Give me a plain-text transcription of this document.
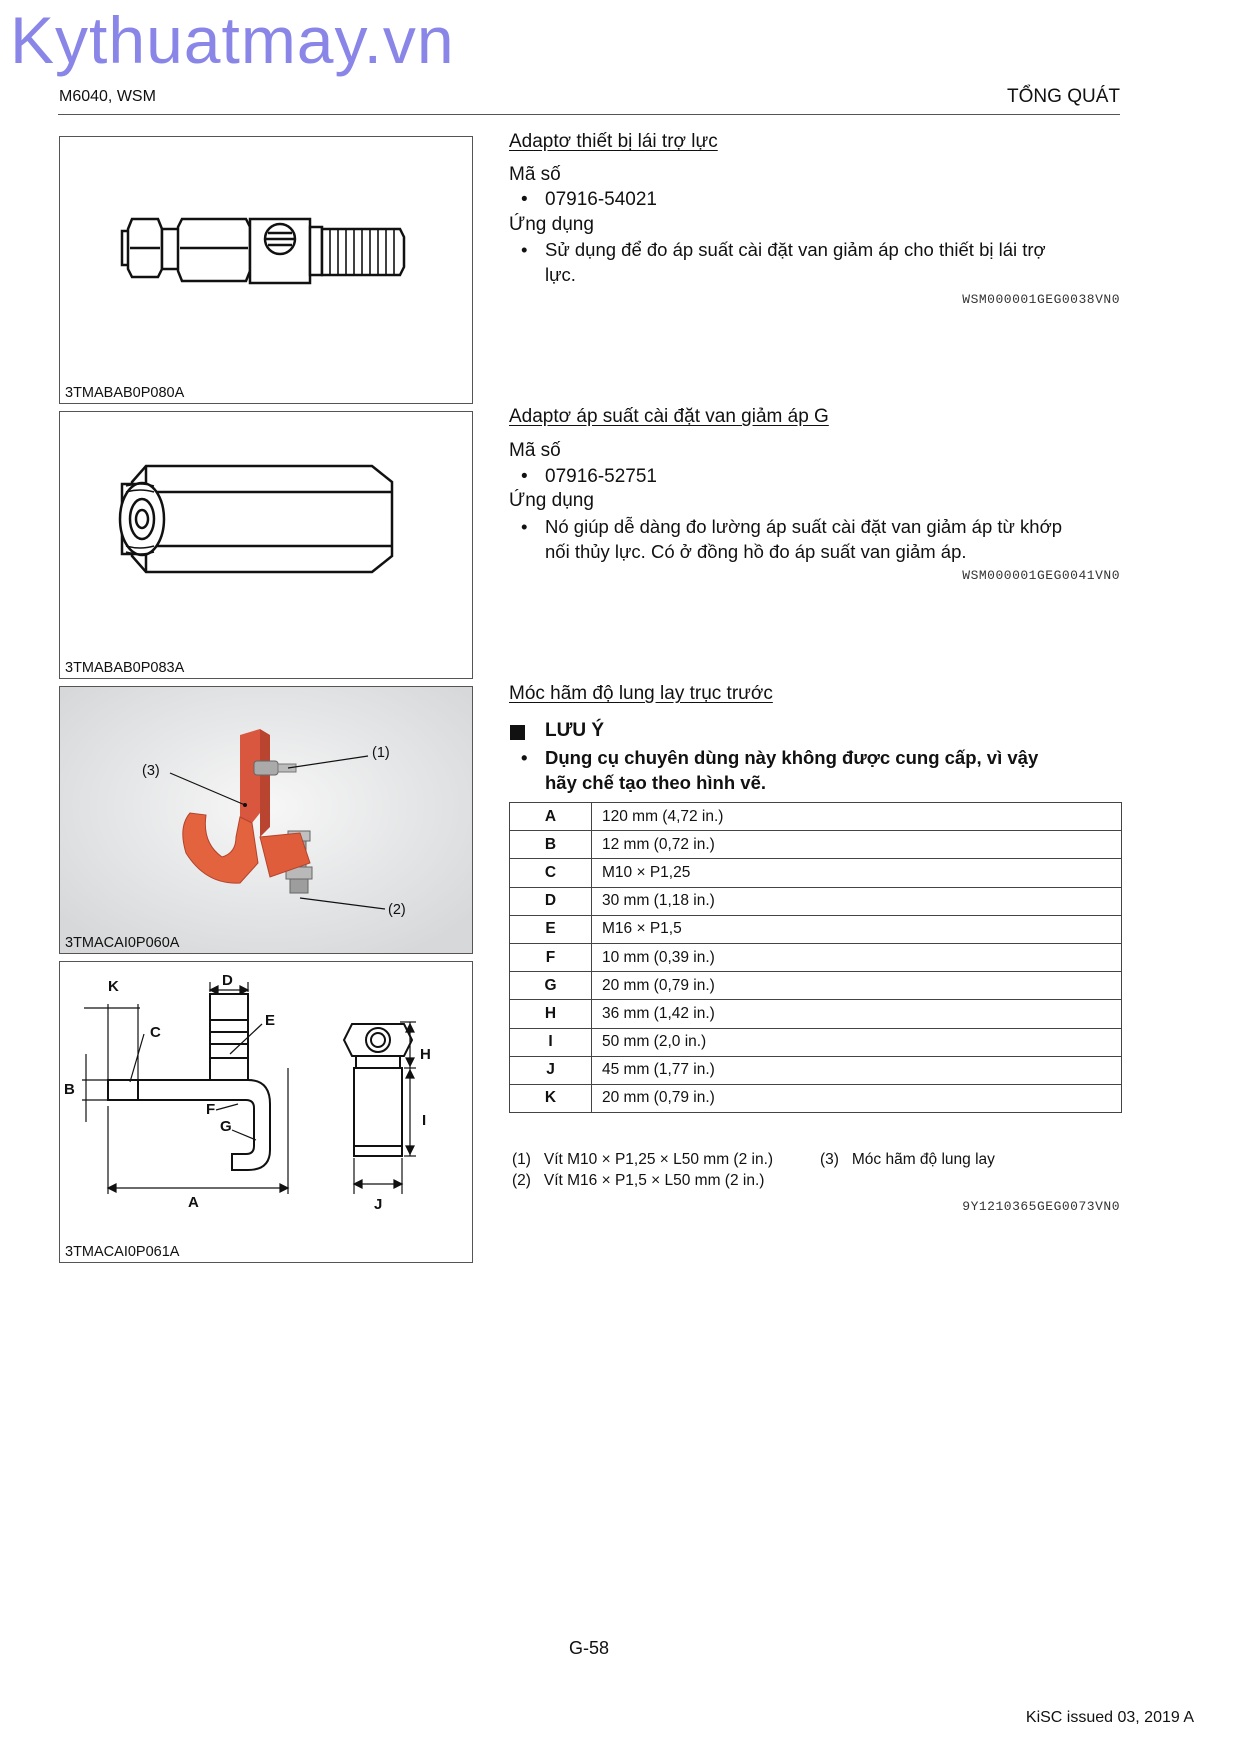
Kythuatmay.vn
M6040, WSM	TỔNG QUÁT
3TMABAB0P080A
3TMABAB0P083A
(1)
(3)
(2)
3TMACAI0P060A
K	D
E
C
B
F
G
A
H
I
J
3TMACAI0P061A
Adaptơ thiết bị lái trợ lực
Mã số
• 07916-54021
Ứng dụng
• Sử dụng để đo áp suất cài đặt van giảm áp cho thiết bị lái trợ
lực.
WSM000001GEG0038VN0
Adaptơ áp suất cài đặt van giảm áp G
Mã số
• 07916-52751
Ứng dụng
• Nó giúp dễ dàng đo lường áp suất cài đặt van giảm áp từ khớp
nối thủy lực. Có ở đồng hồ đo áp suất van giảm áp.
WSM000001GEG0041VN0
Móc hãm độ lung lay trục trước
LƯU Ý
• Dụng cụ chuyên dùng này không được cung cấp, vì vậy
hãy chế tạo theo hình vẽ.
A	120 mm (4,72 in.)
B	12 mm (0,72 in.)
C	M10 × P1,25
D	30 mm (1,18 in.)
E	M16 × P1,5
F	10 mm (0,39 in.)
G	20 mm (0,79 in.)
H	36 mm (1,42 in.)
I	50 mm (2,0 in.)
J	45 mm (1,77 in.)
K	20 mm (0,79 in.)
(1) Vít M10 × P1,25 × L50 mm (2 in.)
(2) Vít M16 × P1,5 × L50 mm (2 in.)
(3) Móc hãm độ lung lay
9Y1210365GEG0073VN0
G-58
KiSC issued 03, 2019 A
